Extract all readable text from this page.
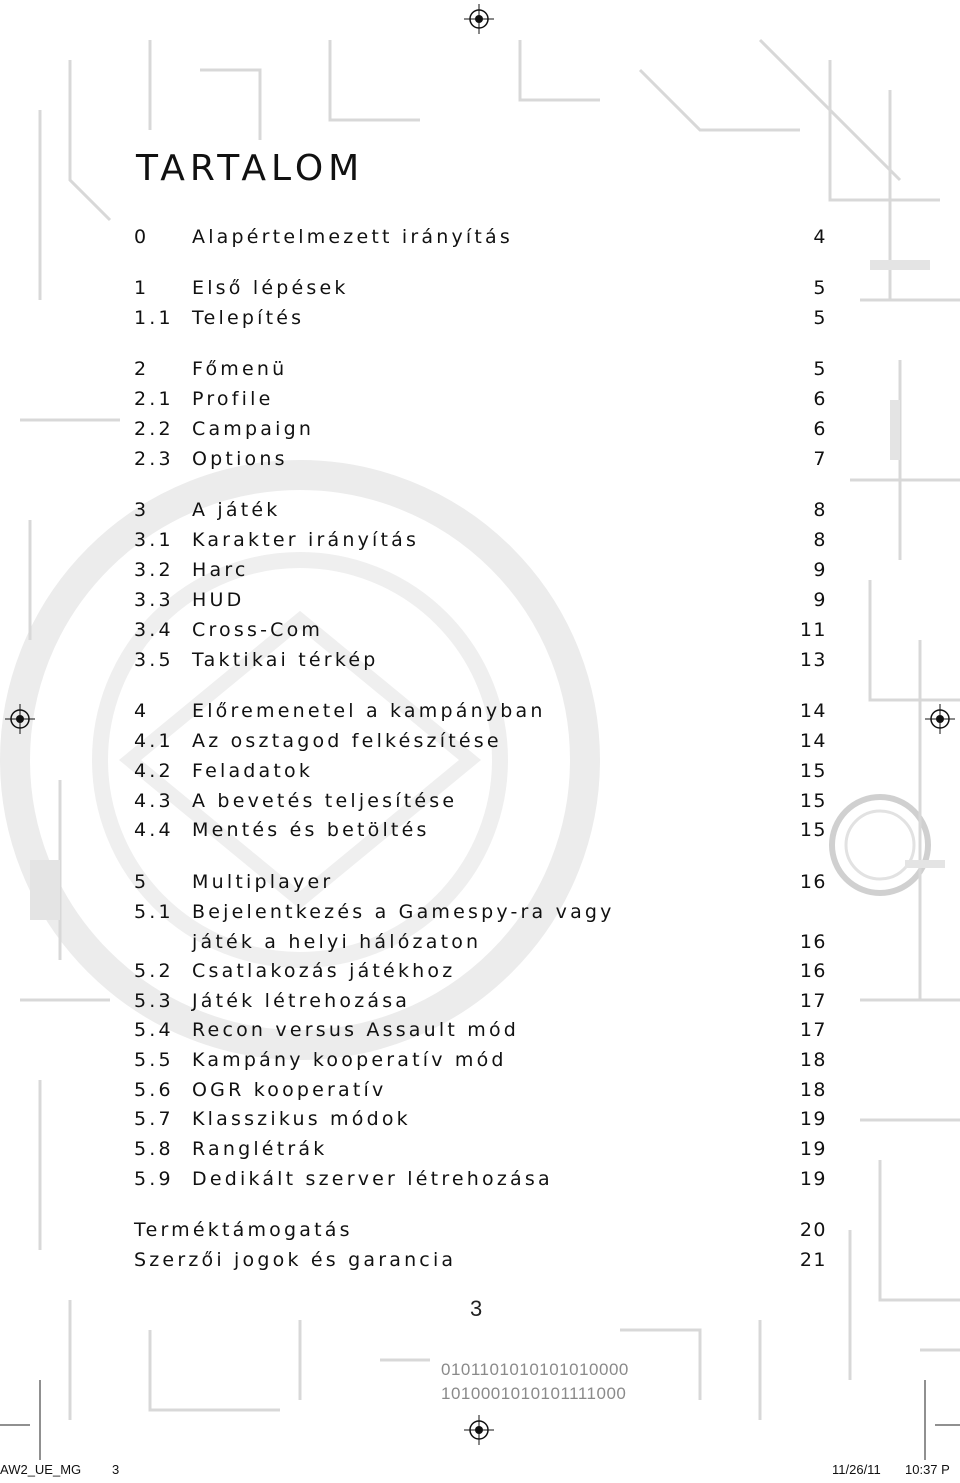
TARTALOM
0 Alapértelmezett irányítás	4
1 Első lépések	5
1.1 Telepítés	5
2 Főmenü	5
2.1 Profile	6
2.2 Campaign	6
2.3 Options	7
3 A játék	8
3.1 Karakter irányítás	8
3.2 Harc	9
3.3 HUD	9
3.4 Cross-Com	11
3.5 Taktikai térkép	13
4 Előremenetel a kampányban	14
4.1 Az osztagod felkészítése	14
4.2 Feladatok	15
4.3 A bevetés teljesítése	15
4.4 Mentés és betöltés	15
5 Multiplayer	16
5.1 Bejelentkezés a Gamespy-ra vagy
játék a helyi hálózaton	16
5.2 Csatlakozás játékhoz	16
5.3 Játék létrehozása	17
5.4 Recon versus Assault mód	17
5.5 Kampány kooperatív mód	18
5.6 OGR kooperatív	18
5.7 Klasszikus módok	19
5.8 Ranglétrák	19
5.9 Dedikált szerver létrehozása	19
Terméktámogatás	20
Szerzői jogok és garancia	21
3
0101101010101010000
1010001010101111000
AW2_UE_MG 3	11/26/11 10:37 P
